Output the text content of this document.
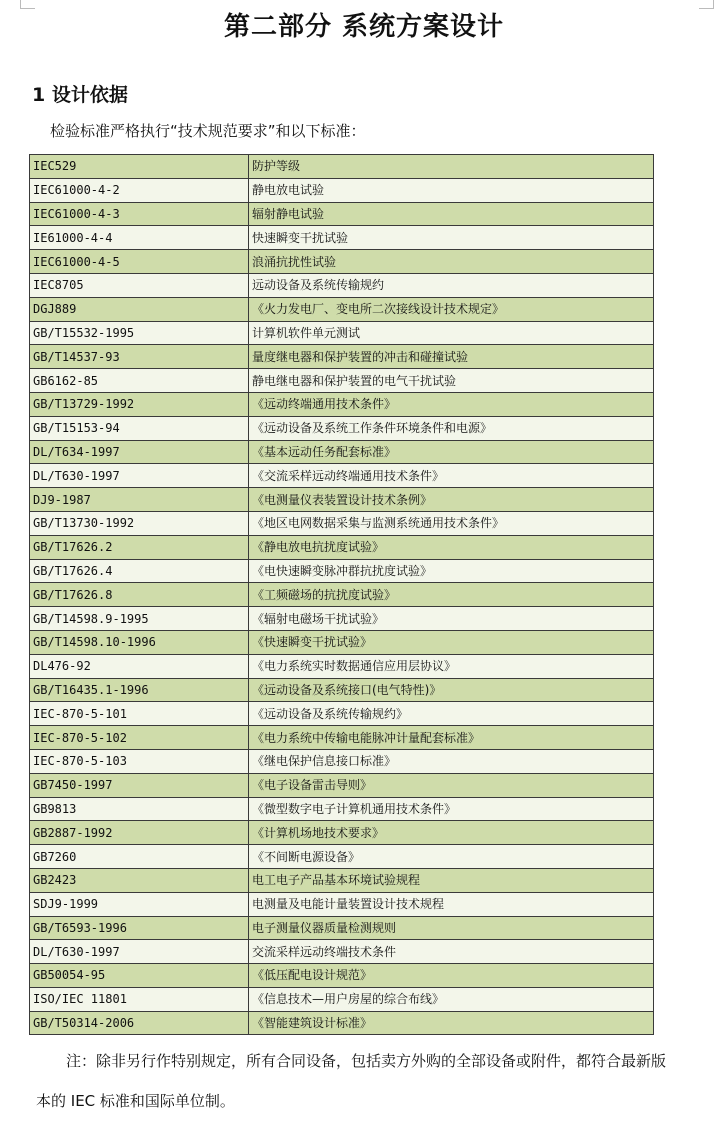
第二部分 系统方案设计
1 设计依据
检验标准严格执行“技术规范要求”和以下标准：
IEC529	防护等级
IEC61000-4-2	静电放电试验
IEC61000-4-3	辐射静电试验
IE61000-4-4	快速瞬变干扰试验
IEC61000-4-5	浪涌抗扰性试验
IEC8705	远动设备及系统传输规约
DGJ889	《火力发电厂、变电所二次接线设计技术规定》
GB/T15532-1995	计算机软件单元测试
GB/T14537-93	量度继电器和保护装置的冲击和碰撞试验
GB6162-85	静电继电器和保护装置的电气干扰试验
GB/T13729-1992	《远动终端通用技术条件》
GB/T15153-94	《远动设备及系统工作条件环境条件和电源》
DL/T634-1997	《基本远动任务配套标准》
DL/T630-1997	《交流采样远动终端通用技术条件》
DJ9-1987	《电测量仪表装置设计技术条例》
GB/T13730-1992	《地区电网数据采集与监测系统通用技术条件》
GB/T17626.2	《静电放电抗扰度试验》
GB/T17626.4	《电快速瞬变脉冲群抗扰度试验》
GB/T17626.8	《工频磁场的抗扰度试验》
GB/T14598.9-1995	《辐射电磁场干扰试验》
GB/T14598.10-1996	《快速瞬变干扰试验》
DL476-92	《电力系统实时数据通信应用层协议》
GB/T16435.1-1996	《远动设备及系统接口(电气特性)》
IEC-870-5-101	《远动设备及系统传输规约》
IEC-870-5-102	《电力系统中传输电能脉冲计量配套标准》
IEC-870-5-103	《继电保护信息接口标准》
GB7450-1997	《电子设备雷击导则》
GB9813	《微型数字电子计算机通用技术条件》
GB2887-1992	《计算机场地技术要求》
GB7260	《不间断电源设备》
GB2423	电工电子产品基本环境试验规程
SDJ9-1999	电测量及电能计量装置设计技术规程
GB/T6593-1996	电子测量仪器质量检测规则
DL/T630-1997	交流采样远动终端技术条件
GB50054-95	《低压配电设计规范》
ISO/IEC 11801	《信息技术—用户房屋的综合布线》
GB/T50314-2006	《智能建筑设计标准》
注：除非另行作特别规定，所有合同设备，包括卖方外购的全部设备或附件，都符合最新版本的 IEC 标准和国际单位制。
